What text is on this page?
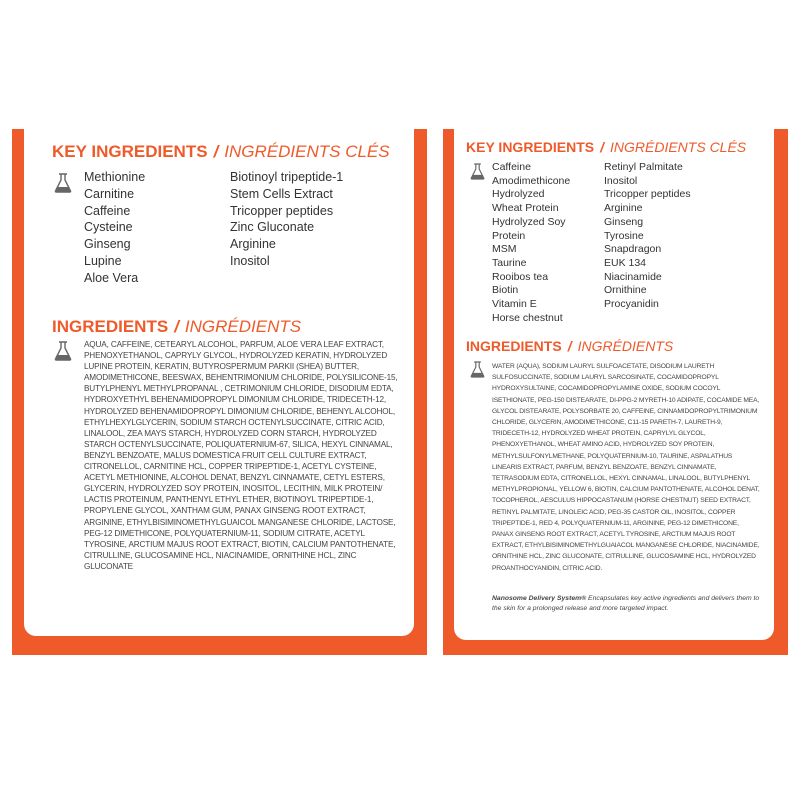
KEY INGREDIENTS / INGRÉDIENTS CLÉS
Methionine
Carnitine
Caffeine
Cysteine
Ginseng
Lupine
Aloe Vera
Biotinoyl tripeptide-1
Stem Cells Extract
Tricopper peptides
Zinc Gluconate
Arginine
Inositol
INGREDIENTS / INGRÉDIENTS

AQUA, CAFFEINE, CETEARYL ALCOHOL, PARFUM, ALOE VERA LEAF EXTRACT, PHENOXYETHANOL, CAPRYLY GLYCOL, HYDROLYZED KERATIN, HYDROLYZED LUPINE PROTEIN, KERATIN, BUTYROSPERMUM PARKII (SHEA) BUTTER, AMODIMETHICONE, BEESWAX, BEHENTRIMONIUM CHLORIDE, POLYSILICONE-15, BUTYLPHENYL METHYLPROPANAL , CETRIMONIUM CHLORIDE, DISODIUM EDTA, HYDROXYETHYL BEHENAMIDOPROPYL DIMONIUM CHLORIDE, TRIDECETH-12, HYDROLYZED BEHENAMIDOPROPYL DIMONIUM CHLORIDE, BEHENYL ALCOHOL, ETHYLHEXYLGLYCERIN, SODIUM STARCH OCTENYLSUCCINATE, CITRIC ACID, LINALOOL, ZEA MAYS STARCH, HYDROLYZED CORN STARCH, HYDROLYZED STARCH OCTENYLSUCCINATE, POLIQUATERNIUM-67, SILICA, HEXYL CINNAMAL, BENZYL BENZOATE, MALUS DOMESTICA FRUIT CELL CULTURE EXTRACT, CITRONELLOL, CARNITINE HCL, COPPER TRIPEPTIDE-1, ACETYL CYSTEINE, ACETYL METHIONINE, ALCOHOL DENAT, BENZYL CINNAMATE, CETYL ESTERS, GLYCERIN, HYDROLYZED SOY PROTEIN, INOSITOL, LECITHIN, MILK PROTEIN/ LACTIS PROTEINUM, PANTHENYL ETHYL ETHER, BIOTINOYL TRIPEPTIDE-1, PROPYLENE GLYCOL, XANTHAM GUM, PANAX GINSENG ROOT EXTRACT, ARGININE, ETHYLBISIMINOMETHYLGUAICOL MANGANESE CHLORIDE, LACTOSE, PEG-12 DIMETHICONE, POLYQUATERNIUM-11, SODIUM CITRATE, ACETYL TYROSINE, ARCTIUM MAJUS ROOT EXTRACT, BIOTIN, CALCIUM PANTOTHENATE, CITRULLINE, GLUCOSAMINE HCL, NIACINAMIDE, ORNITHINE HCL, ZINC GLUCONATE

KEY INGREDIENTS / INGRÉDIENTS CLÉS
Caffeine
Amodimethicone
Hydrolyzed Wheat Protein
Hydrolyzed Soy Protein
MSM
Taurine
Rooibos tea
Biotin
Vitamin E
Horse chestnut
Retinyl Palmitate
Inositol
Tricopper peptides
Arginine
Ginseng
Tyrosine
Snapdragon
EUK 134
Niacinamide
Ornithine
Procyanidin
INGREDIENTS / INGRÉDIENTS

WATER (AQUA), SODIUM LAURYL SULFOACETATE, DISODIUM LAURETH SULFOSUCCINATE, SODIUM LAURYL SARCOSINATE, COCAMIDOPROPYL HYDROXYSULTAINE, COCAMIDOPROPYLAMINE OXIDE, SODIUM COCOYL ISETHIONATE, PEG-150 DISTEARATE, DI-PPG-2 MYRETH-10 ADIPATE, COCAMIDE MEA, GLYCOL DISTEARATE, POLYSORBATE 20, CAFFEINE, CINNAMIDOPROPYLTRIMONIUM CHLORIDE, GLYCERIN, AMODIMETHICONE, C11-15 PARETH-7, LAURETH-9, TRIDECETH-12, HYDROLYZED WHEAT PROTEIN, CAPRYLYL GLYCOL, PHENOXYETHANOL, WHEAT AMINO ACID, HYDROLYZED SOY PROTEIN, METHYLSULFONYLMETHANE, POLYQUATERNIUM-10, TAURINE, ASPALATHUS LINEARIS EXTRACT, PARFUM, BENZYL BENZOATE, BENZYL CINNAMATE, TETRASODIUM EDTA, CITRONELLOL, HEXYL CINNAMAL, LINALOOL, BUTYLPHENYL METHYLPROPIONAL, YELLOW 6, BIOTIN, CALCIUM PANTOTHENATE, ALCOHOL DENAT, TOCOPHEROL, AESCULUS HIPPOCASTANUM (HORSE CHESTNUT) SEED EXTRACT, RETINYL PALMITATE, LINOLEIC ACID, PEG-35 CASTOR OIL, INOSITOL, COPPER TRIPEPTIDE-1, RED 4, POLYQUATERNIUM-11, ARGININE, PEG-12 DIMETHICONE, PANAX GINSENG ROOT EXTRACT, ACETYL TYROSINE, ARCTIUM MAJUS ROOT EXTRACT, ETHYLBISIMINOMETHYLGUAIACOL MANGANESE CHLORIDE, NIACINAMIDE, ORNITHINE HCL, ZINC GLUCONATE, CITRULLINE, GLUCOSAMINE HCL, HYDROLYZED PROANTHOCYANIDIN, CITRIC ACID.

Nanosome Delivery System® Encapsulates key active ingredients and delivers them to the skin for a prolonged release and more targeted impact.
